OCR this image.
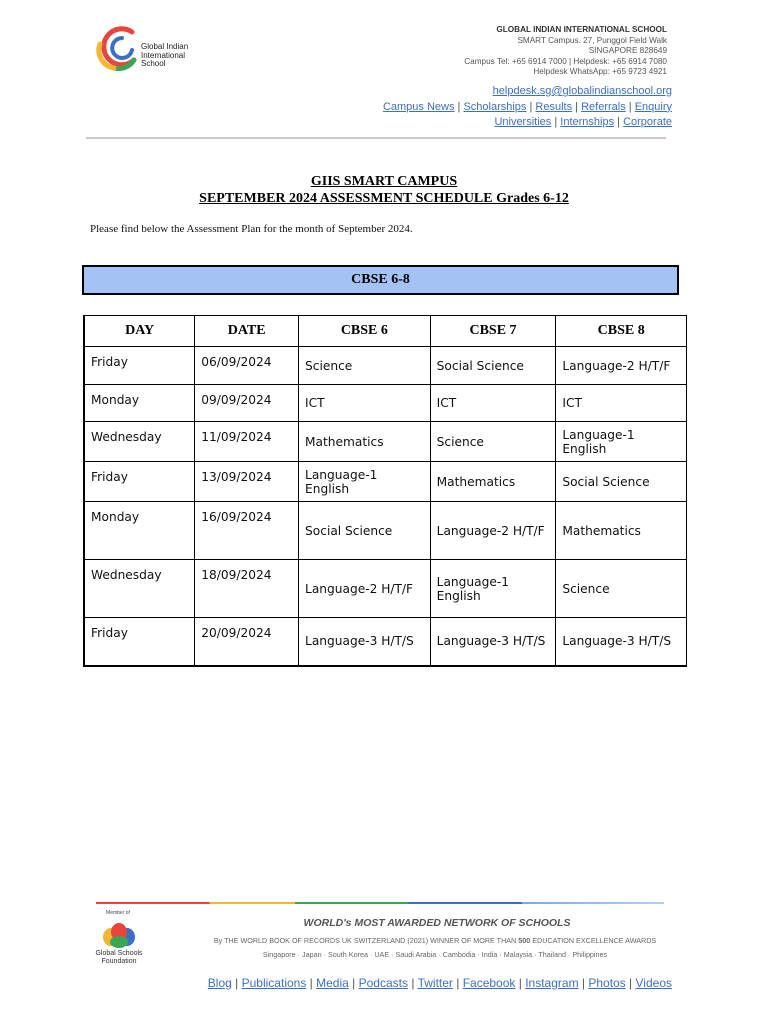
Global Indian
International
School
GLOBAL INDIAN INTERNATIONAL SCHOOL
SMART Campus. 27, Punggol Field Walk
SINGAPORE 828649
Campus Tel: +65 6914 7000 | Helpdesk: +65 6914 7080
Helpdesk WhatsApp: +65 9723 4921
helpdesk.sg@globalindianschool.org
Campus News | Scholarships | Results | Referrals | Enquiry
Universities | Internships | Corporate
GIIS SMART CAMPUS
SEPTEMBER 2024 ASSESSMENT SCHEDULE Grades 6-12
Please find below the Assessment Plan for the month of September 2024.
CBSE 6-8
DAY	DATE	CBSE 6	CBSE 7	CBSE 8
Friday	06/09/2024	Science	Social Science	Language-2 H/T/F
Monday	09/09/2024	ICT	ICT	ICT
Wednesday	11/09/2024	Mathematics	Science	Language-1 English
Friday	13/09/2024	Language-1 English	Mathematics	Social Science
Monday	16/09/2024	Social Science	Language-2 H/T/F	Mathematics
Wednesday	18/09/2024	Language-2 H/T/F	Language-1 English	Science
Friday	20/09/2024	Language-3 H/T/S	Language-3 H/T/S	Language-3 H/T/S
Member of
Global Schools
Foundation
WORLD's MOST AWARDED NETWORK OF SCHOOLS
By THE WORLD BOOK OF RECORDS UK SWITZERLAND (2021) WINNER OF MORE THAN 500 EDUCATION EXCELLENCE AWARDS
Singapore · Japan · South Korea · UAE · Saudi Arabia · Cambodia · India · Malaysia · Thailand · Philippines
Blog | Publications | Media | Podcasts | Twitter | Facebook | Instagram | Photos | Videos
